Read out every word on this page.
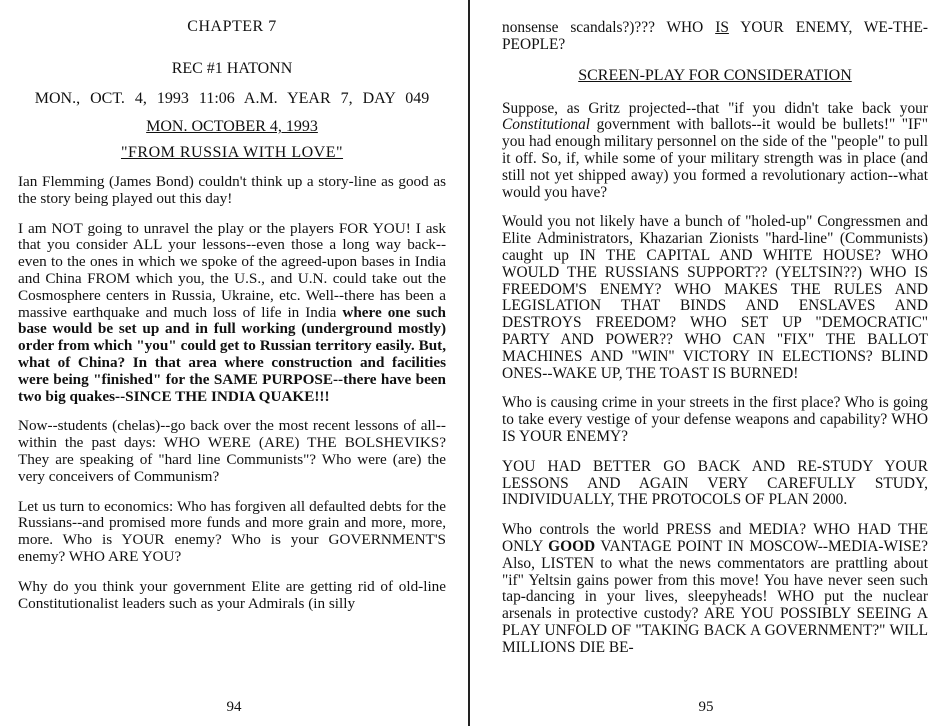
CHAPTER 7
REC #1 HATONN
MON., OCT. 4, 1993 11:06 A.M. YEAR 7, DAY 049
MON. OCTOBER 4, 1993
"FROM RUSSIA WITH LOVE"

Ian Flemming (James Bond) couldn't think up a story-line as good as the story being played out this day!

I am NOT going to unravel the play or the players FOR YOU! I ask that you consider ALL your lessons--even those a long way back--even to the ones in which we spoke of the agreed-upon bases in India and China FROM which you, the U.S., and U.N. could take out the Cosmosphere centers in Russia, Ukraine, etc. Well--there has been a massive earthquake and much loss of life in India where one such base would be set up and in full working (underground mostly) order from which "you" could get to Russian territory easily. But, what of China? In that area where construction and facilities were being "finished" for the SAME PURPOSE--there have been two big quakes--SINCE THE INDIA QUAKE!!!

Now--students (chelas)--go back over the most recent lessons of all--within the past days: WHO WERE (ARE) THE BOLSHEVIKS? They are speaking of "hard line Communists"? Who were (are) the very conceivers of Communism?

Let us turn to economics: Who has forgiven all defaulted debts for the Russians--and promised more funds and more grain and more, more, more. Who is YOUR enemy? Who is your GOVERNMENT'S enemy? WHO ARE YOU?

Why do you think your government Elite are getting rid of old-line Constitutionalist leaders such as your Admirals (in silly

94

nonsense scandals?)??? WHO IS YOUR ENEMY, WE-THE-PEOPLE?

SCREEN-PLAY FOR CONSIDERATION

Suppose, as Gritz projected--that "if you didn't take back your Constitutional government with ballots--it would be bullets!" "IF" you had enough military personnel on the side of the "people" to pull it off. So, if, while some of your military strength was in place (and still not yet shipped away) you formed a revolutionary action--what would you have?

Would you not likely have a bunch of "holed-up" Congressmen and Elite Administrators, Khazarian Zionists "hard-line" (Communists) caught up IN THE CAPITAL AND WHITE HOUSE? WHO WOULD THE RUSSIANS SUPPORT?? (YELTSIN??) WHO IS FREEDOM'S ENEMY? WHO MAKES THE RULES AND LEGISLATION THAT BINDS AND ENSLAVES AND DESTROYS FREEDOM? WHO SET UP "DEMOCRATIC" PARTY AND POWER?? WHO CAN "FIX" THE BALLOT MACHINES AND "WIN" VICTORY IN ELECTIONS? BLIND ONES--WAKE UP, THE TOAST IS BURNED!

Who is causing crime in your streets in the first place? Who is going to take every vestige of your defense weapons and capability? WHO IS YOUR ENEMY?

YOU HAD BETTER GO BACK AND RE-STUDY YOUR LESSONS AND AGAIN VERY CAREFULLY STUDY, INDIVIDUALLY, THE PROTOCOLS OF PLAN 2000.

Who controls the world PRESS and MEDIA? WHO HAD THE ONLY GOOD VANTAGE POINT IN MOSCOW--MEDIA-WISE? Also, LISTEN to what the news commentators are prattling about "if" Yeltsin gains power from this move! You have never seen such tap-dancing in your lives, sleepyheads! WHO put the nuclear arsenals in protective custody? ARE YOU POSSIBLY SEEING A PLAY UNFOLD OF "TAKING BACK A GOVERNMENT?" WILL MILLIONS DIE BE-

95
